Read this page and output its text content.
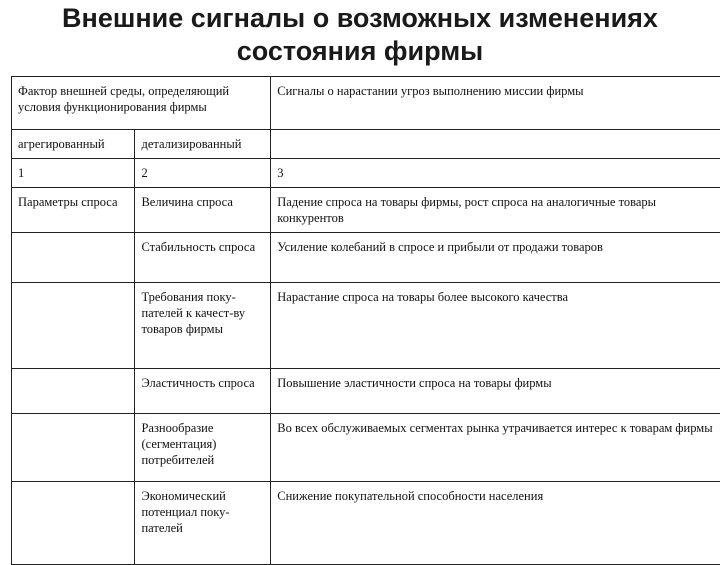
Внешние сигналы о возможных изменениях
состояния фирмы
Фактор внешней среды, определяющий условия функционирования фирмы		Сигналы о нарастании угроз выполнению миссии фирмы
агрегированный	детализированный	
1	2	3
Параметры спроса	Величина спроса	Падение спроса на товары фирмы, рост спроса на аналогичные товары конкурентов
	Стабильность спроса	Усиление колебаний в спросе и прибыли от продажи товаров
	Требования поку-пателей к качест-ву товаров фирмы	Нарастание спроса на товары более высокого качества
	Эластичность спроса	Повышение эластичности спроса на товары фирмы
	Разнообразие (сегментация) потребителей	Во всех обслуживаемых сегментах рынка утрачивается интерес к товарам фирмы
	Экономический потенциал поку-пателей	Снижение покупательной способности населения
